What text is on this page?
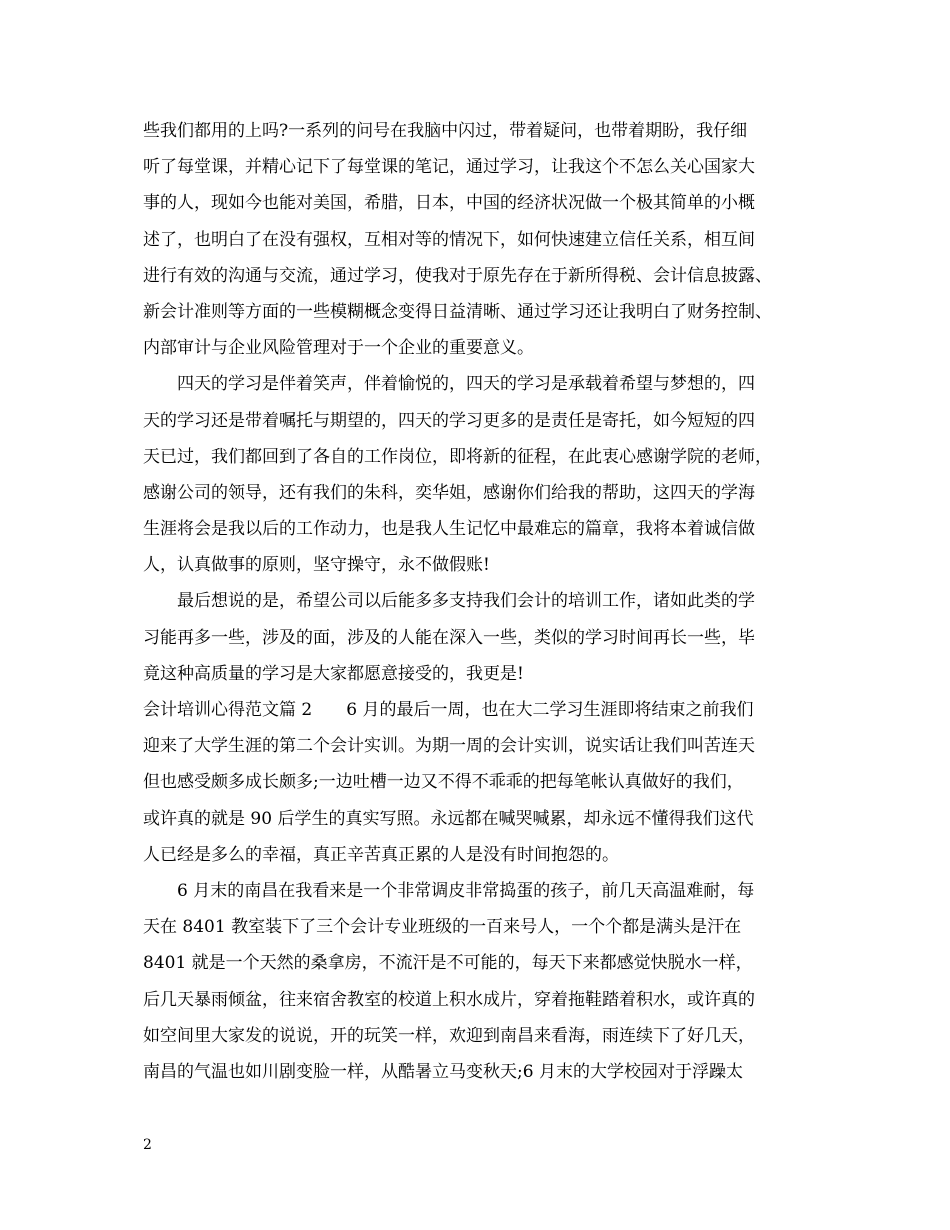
些我们都用的上吗?一系列的问号在我脑中闪过，带着疑问，也带着期盼，我仔细
听了每堂课，并精心记下了每堂课的笔记，通过学习，让我这个不怎么关心国家大
事的人，现如今也能对美国，希腊，日本，中国的经济状况做一个极其简单的小概
述了，也明白了在没有强权，互相对等的情况下，如何快速建立信任关系，相互间
进行有效的沟通与交流，通过学习，使我对于原先存在于新所得税、会计信息披露、
新会计准则等方面的一些模糊概念变得日益清晰、通过学习还让我明白了财务控制、
内部审计与企业风险管理对于一个企业的重要意义。
四天的学习是伴着笑声，伴着愉悦的，四天的学习是承载着希望与梦想的，四
天的学习还是带着嘱托与期望的，四天的学习更多的是责任是寄托，如今短短的四
天已过，我们都回到了各自的工作岗位，即将新的征程，在此衷心感谢学院的老师，
感谢公司的领导，还有我们的朱科，奕华姐，感谢你们给我的帮助，这四天的学海
生涯将会是我以后的工作动力，也是我人生记忆中最难忘的篇章，我将本着诚信做
人，认真做事的原则，坚守操守，永不做假账!
最后想说的是，希望公司以后能多多支持我们会计的培训工作，诸如此类的学
习能再多一些，涉及的面，涉及的人能在深入一些，类似的学习时间再长一些，毕
竟这种高质量的学习是大家都愿意接受的，我更是!
会计培训心得范文篇 2　　6 月的最后一周，也在大二学习生涯即将结束之前我们
迎来了大学生涯的第二个会计实训。为期一周的会计实训，说实话让我们叫苦连天
但也感受颇多成长颇多;一边吐槽一边又不得不乖乖的把每笔帐认真做好的我们，
或许真的就是 90 后学生的真实写照。永远都在喊哭喊累，却永远不懂得我们这代
人已经是多么的幸福，真正辛苦真正累的人是没有时间抱怨的。
6 月末的南昌在我看来是一个非常调皮非常捣蛋的孩子，前几天高温难耐，每
天在 8401 教室装下了三个会计专业班级的一百来号人，一个个都是满头是汗在
8401 就是一个天然的桑拿房，不流汗是不可能的，每天下来都感觉快脱水一样，
后几天暴雨倾盆，往来宿舍教室的校道上积水成片，穿着拖鞋踏着积水，或许真的
如空间里大家发的说说，开的玩笑一样，欢迎到南昌来看海，雨连续下了好几天，
南昌的气温也如川剧变脸一样，从酷暑立马变秋天;6 月末的大学校园对于浮躁太
2
